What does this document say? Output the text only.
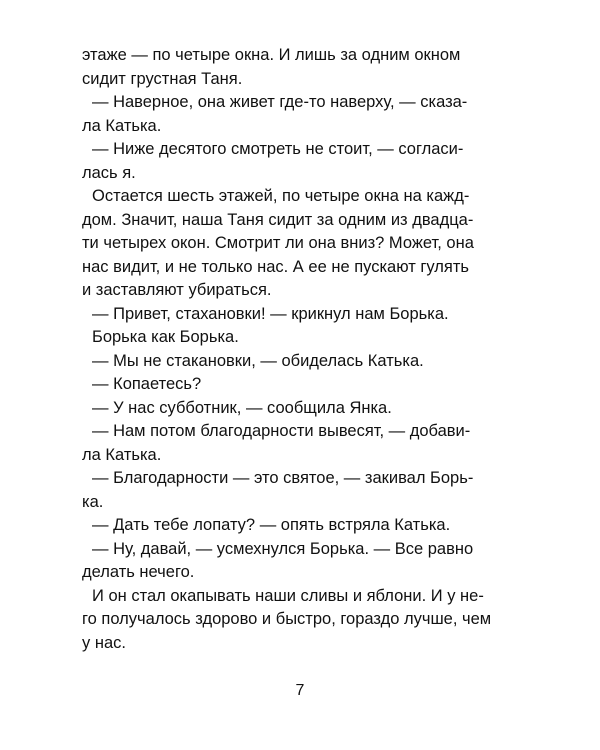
этаже — по четыре окна. И лишь за одним окном
сидит грустная Таня.
— Наверное, она живет где-то наверху, — сказа-
ла Катька.
— Ниже десятого смотреть не стоит, — согласи-
лась я.
Остается шесть этажей, по четыре окна на кажд-
дом. Значит, наша Таня сидит за одним из двадца-
ти четырех окон. Смотрит ли она вниз? Может, она
нас видит, и не только нас. А ее не пускают гулять
и заставляют убираться.
— Привет, стахановки! — крикнул нам Борька.
Борька как Борька.
— Мы не стакановки, — обиделась Катька.
— Копаетесь?
— У нас субботник, — сообщила Янка.
— Нам потом благодарности вывесят, — добави-
ла Катька.
— Благодарности — это святое, — закивал Борь-
ка.
— Дать тебе лопату? — опять встряла Катька.
— Ну, давай, — усмехнулся Борька. — Все равно
делать нечего.
И он стал окапывать наши сливы и яблони. И у не-
го получалось здорово и быстро, гораздо лучше, чем
у нас.
7
